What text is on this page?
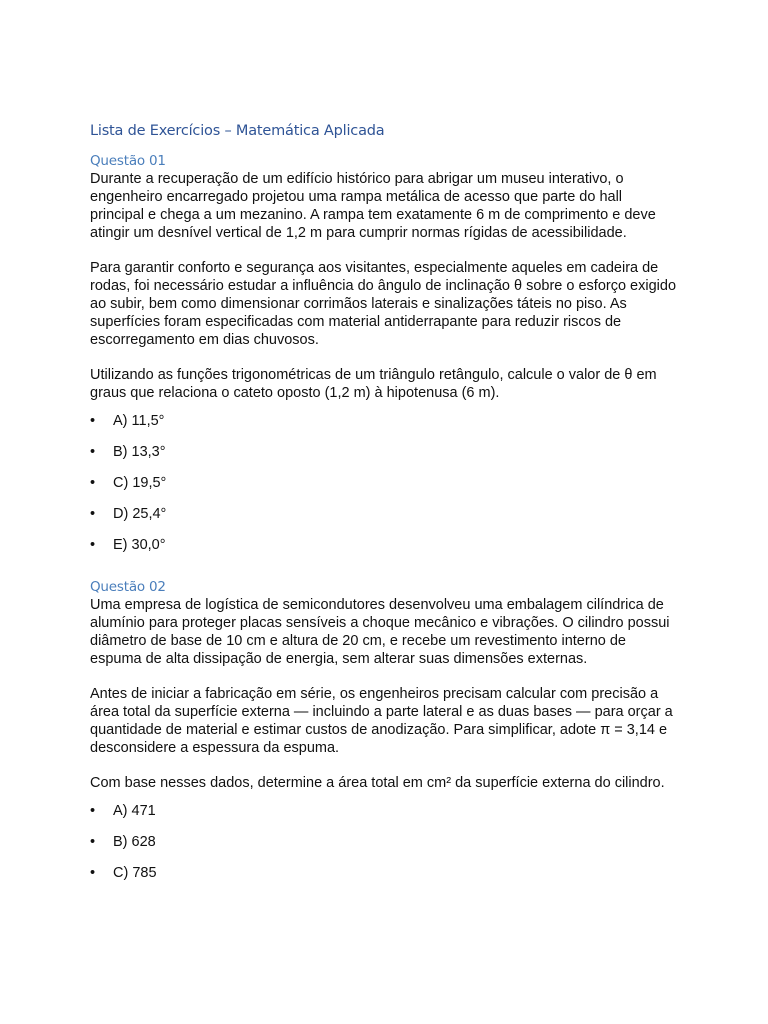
Lista de Exercícios – Matemática Aplicada
Questão 01

Durante a recuperação de um edifício histórico para abrigar um museu interativo, o engenheiro encarregado projetou uma rampa metálica de acesso que parte do hall principal e chega a um mezanino. A rampa tem exatamente 6 m de comprimento e deve atingir um desnível vertical de 1,2 m para cumprir normas rígidas de acessibilidade.

Para garantir conforto e segurança aos visitantes, especialmente aqueles em cadeira de rodas, foi necessário estudar a influência do ângulo de inclinação θ sobre o esforço exigido ao subir, bem como dimensionar corrimãos laterais e sinalizações táteis no piso. As superfícies foram especificadas com material antiderrapante para reduzir riscos de escorregamento em dias chuvosos.

Utilizando as funções trigonométricas de um triângulo retângulo, calcule o valor de θ em graus que relaciona o cateto oposto (1,2 m) à hipotenusa (6 m).

• A) 11,5°
• B) 13,3°
• C) 19,5°
• D) 25,4°
• E) 30,0°
Questão 02

Uma empresa de logística de semicondutores desenvolveu uma embalagem cilíndrica de alumínio para proteger placas sensíveis a choque mecânico e vibrações. O cilindro possui diâmetro de base de 10 cm e altura de 20 cm, e recebe um revestimento interno de espuma de alta dissipação de energia, sem alterar suas dimensões externas.

Antes de iniciar a fabricação em série, os engenheiros precisam calcular com precisão a área total da superfície externa — incluindo a parte lateral e as duas bases — para orçar a quantidade de material e estimar custos de anodização. Para simplificar, adote π = 3,14 e desconsidere a espessura da espuma.

Com base nesses dados, determine a área total em cm² da superfície externa do cilindro.

• A) 471
• B) 628
• C) 785
